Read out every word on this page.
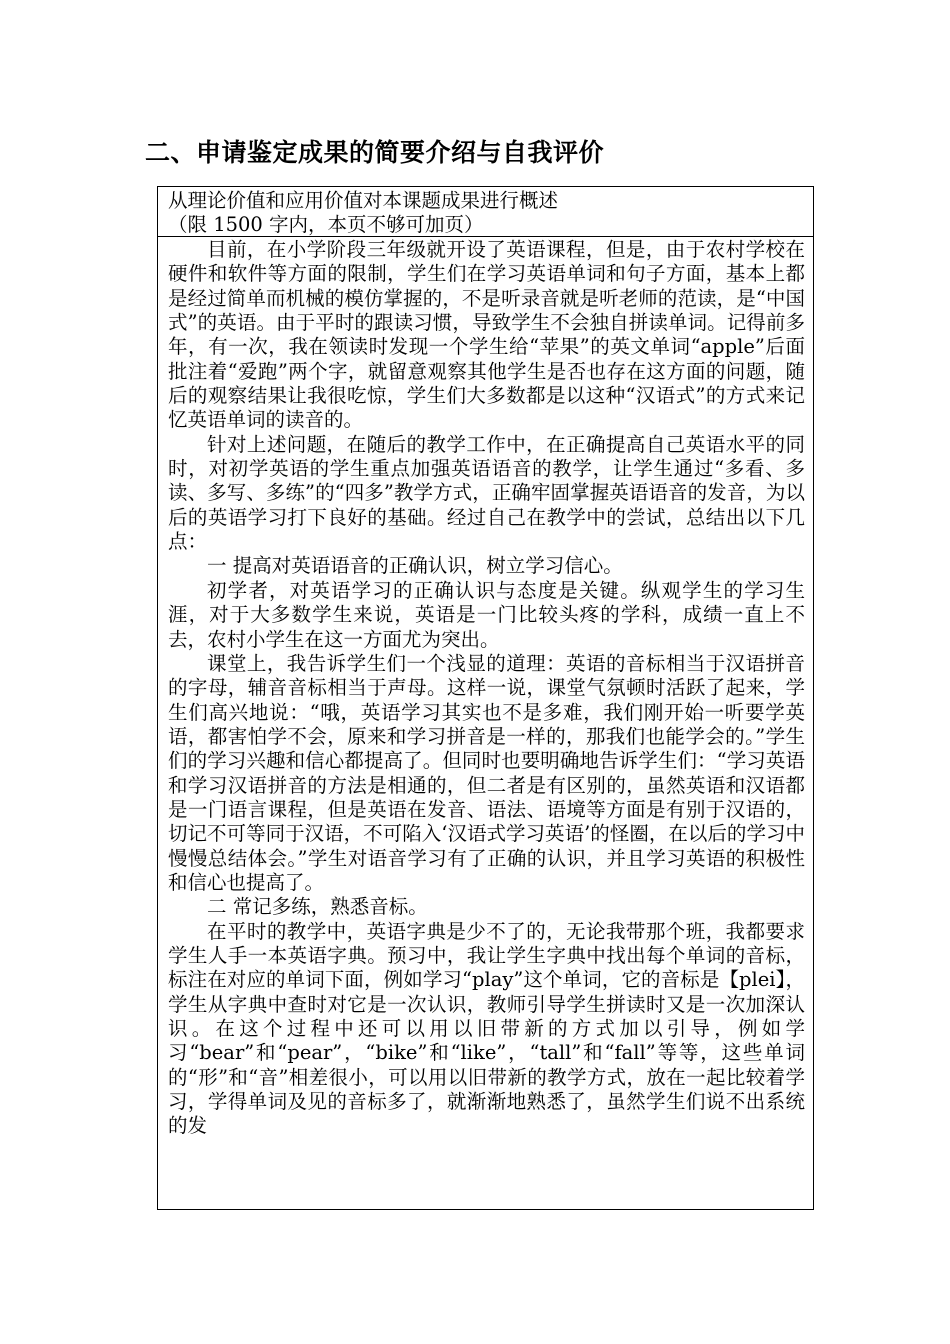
二、申请鉴定成果的简要介绍与自我评价
从理论价值和应用价值对本课题成果进行概述
（限 1500 字内，本页不够可加页）

目前，在小学阶段三年级就开设了英语课程，但是，由于农村学校在硬件和软件等方面的限制，学生们在学习英语单词和句子方面，基本上都是经过简单而机械的模仿掌握的，不是听录音就是听老师的范读，是“中国式”的英语。由于平时的跟读习惯，导致学生不会独自拼读单词。记得前多年，有一次，我在领读时发现一个学生给“苹果”的英文单词“apple”后面批注着“爱跑”两个字，就留意观察其他学生是否也存在这方面的问题，随后的观察结果让我很吃惊，学生们大多数都是以这种“汉语式”的方式来记忆英语单词的读音的。

针对上述问题，在随后的教学工作中，在正确提高自己英语水平的同时，对初学英语的学生重点加强英语语音的教学，让学生通过“多看、多读、多写、多练”的“四多”教学方式，正确牢固掌握英语语音的发音，为以后的英语学习打下良好的基础。经过自己在教学中的尝试，总结出以下几点：

一 提高对英语语音的正确认识，树立学习信心。

初学者，对英语学习的正确认识与态度是关键。纵观学生的学习生涯，对于大多数学生来说，英语是一门比较头疼的学科，成绩一直上不去，农村小学生在这一方面尤为突出。

课堂上，我告诉学生们一个浅显的道理：英语的音标相当于汉语拼音的字母，辅音音标相当于声母。这样一说，课堂气氛顿时活跃了起来，学生们高兴地说：“哦，英语学习其实也不是多难，我们刚开始一听要学英语，都害怕学不会，原来和学习拼音是一样的，那我们也能学会的。”学生们的学习兴趣和信心都提高了。但同时也要明确地告诉学生们：“学习英语和学习汉语拼音的方法是相通的，但二者是有区别的，虽然英语和汉语都是一门语言课程，但是英语在发音、语法、语境等方面是有别于汉语的，切记不可等同于汉语，不可陷入‘汉语式学习英语’的怪圈，在以后的学习中慢慢总结体会。”学生对语音学习有了正确的认识，并且学习英语的积极性和信心也提高了。

二 常记多练，熟悉音标。

在平时的教学中，英语字典是少不了的，无论我带那个班，我都要求学生人手一本英语字典。预习中，我让学生字典中找出每个单词的音标，标注在对应的单词下面，例如学习“play”这个单词，它的音标是【plei】，学生从字典中查时对它是一次认识，教师引导学生拼读时又是一次加深认识。在这个过程中还可以用以旧带新的方式加以引导，例如学习“bear”和“pear”，“bike”和“like”，“tall”和“fall”等等，这些单词的“形”和“音”相差很小，可以用以旧带新的教学方式，放在一起比较着学习，学得单词及见的音标多了，就渐渐地熟悉了，虽然学生们说不出系统的发
